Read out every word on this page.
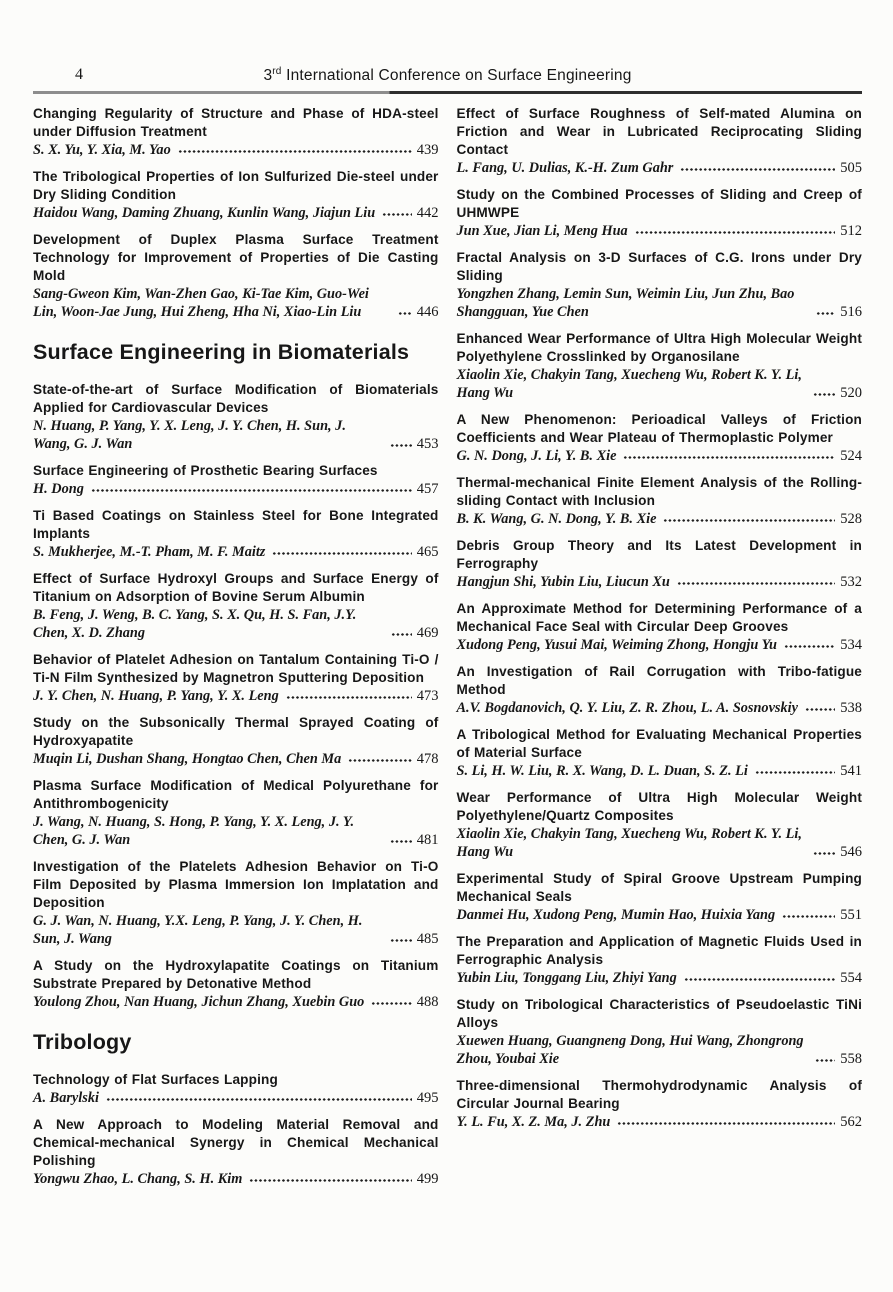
4	3rd International Conference on Surface Engineering
Changing Regularity of Structure and Phase of HDA-steel under Diffusion Treatment
S. X. Yu, Y. Xia, M. Yao	439
The Tribological Properties of Ion Sulfurized Die-steel under Dry Sliding Condition
Haidou Wang, Daming Zhuang, Kunlin Wang, Jiajun Liu	442
Development of Duplex Plasma Surface Treatment Technology for Improvement of Properties of Die Casting Mold
Sang-Gweon Kim, Wan-Zhen Gao, Ki-Tae Kim, Guo-Wei Lin, Woon-Jae Jung, Hui Zheng, Hha Ni, Xiao-Lin Liu	446
Surface Engineering in Biomaterials
State-of-the-art of Surface Modification of Biomaterials Applied for Cardiovascular Devices
N. Huang, P. Yang, Y. X. Leng, J. Y. Chen, H. Sun, J. Wang, G. J. Wan	453
Surface Engineering of Prosthetic Bearing Surfaces
H. Dong	457
Ti Based Coatings on Stainless Steel for Bone Integrated Implants
S. Mukherjee, M.-T. Pham, M. F. Maitz	465
Effect of Surface Hydroxyl Groups and Surface Energy of Titanium on Adsorption of Bovine Serum Albumin
B. Feng, J. Weng, B. C. Yang, S. X. Qu, H. S. Fan, J.Y. Chen, X. D. Zhang	469
Behavior of Platelet Adhesion on Tantalum Containing Ti-O / Ti-N Film Synthesized by Magnetron Sputtering Deposition
J. Y. Chen, N. Huang, P. Yang, Y. X. Leng	473
Study on the Subsonically Thermal Sprayed Coating of Hydroxyapatite
Muqin Li, Dushan Shang, Hongtao Chen, Chen Ma	478
Plasma Surface Modification of Medical Polyurethane for Antithrombogenicity
J. Wang, N. Huang, S. Hong, P. Yang, Y. X. Leng, J. Y. Chen, G. J. Wan	481
Investigation of the Platelets Adhesion Behavior on Ti-O Film Deposited by Plasma Immersion Ion Implatation and Deposition
G. J. Wan, N. Huang, Y.X. Leng, P. Yang, J. Y. Chen, H. Sun, J. Wang	485
A Study on the Hydroxylapatite Coatings on Titanium Substrate Prepared by Detonative Method
Youlong Zhou, Nan Huang, Jichun Zhang, Xuebin Guo	488
Tribology
Technology of Flat Surfaces Lapping
A. Barylski	495
A New Approach to Modeling Material Removal and Chemical-mechanical Synergy in Chemical Mechanical Polishing
Yongwu Zhao, L. Chang, S. H. Kim	499
Effect of Surface Roughness of Self-mated Alumina on Friction and Wear in Lubricated Reciprocating Sliding Contact
L. Fang, U. Dulias, K.-H. Zum Gahr	505
Study on the Combined Processes of Sliding and Creep of UHMWPE
Jun Xue, Jian Li, Meng Hua	512
Fractal Analysis on 3-D Surfaces of C.G. Irons under Dry Sliding
Yongzhen Zhang, Lemin Sun, Weimin Liu, Jun Zhu, Bao Shangguan, Yue Chen	516
Enhanced Wear Performance of Ultra High Molecular Weight Polyethylene Crosslinked by Organosilane
Xiaolin Xie, Chakyin Tang, Xuecheng Wu, Robert K. Y. Li, Hang Wu	520
A New Phenomenon: Perioadical Valleys of Friction Coefficients and Wear Plateau of Thermoplastic Polymer
G. N. Dong, J. Li, Y. B. Xie	524
Thermal-mechanical Finite Element Analysis of the Rolling-sliding Contact with Inclusion
B. K. Wang, G. N. Dong, Y. B. Xie	528
Debris Group Theory and Its Latest Development in Ferrography
Hangjun Shi, Yubin Liu, Liucun Xu	532
An Approximate Method for Determining Performance of a Mechanical Face Seal with Circular Deep Grooves
Xudong Peng, Yusui Mai, Weiming Zhong, Hongju Yu	534
An Investigation of Rail Corrugation with Tribo-fatigue Method
A.V. Bogdanovich, Q. Y. Liu, Z. R. Zhou, L. A. Sosnovskiy	538
A Tribological Method for Evaluating Mechanical Properties of Material Surface
S. Li, H. W. Liu, R. X. Wang, D. L. Duan, S. Z. Li	541
Wear Performance of Ultra High Molecular Weight Polyethylene/Quartz Composites
Xiaolin Xie, Chakyin Tang, Xuecheng Wu, Robert K. Y. Li, Hang Wu	546
Experimental Study of Spiral Groove Upstream Pumping Mechanical Seals
Danmei Hu, Xudong Peng, Mumin Hao, Huixia Yang	551
The Preparation and Application of Magnetic Fluids Used in Ferrographic Analysis
Yubin Liu, Tonggang Liu, Zhiyi Yang	554
Study on Tribological Characteristics of Pseudoelastic TiNi Alloys
Xuewen Huang, Guangneng Dong, Hui Wang, Zhongrong Zhou, Youbai Xie	558
Three-dimensional Thermohydrodynamic Analysis of Circular Journal Bearing
Y. L. Fu, X. Z. Ma, J. Zhu	562
